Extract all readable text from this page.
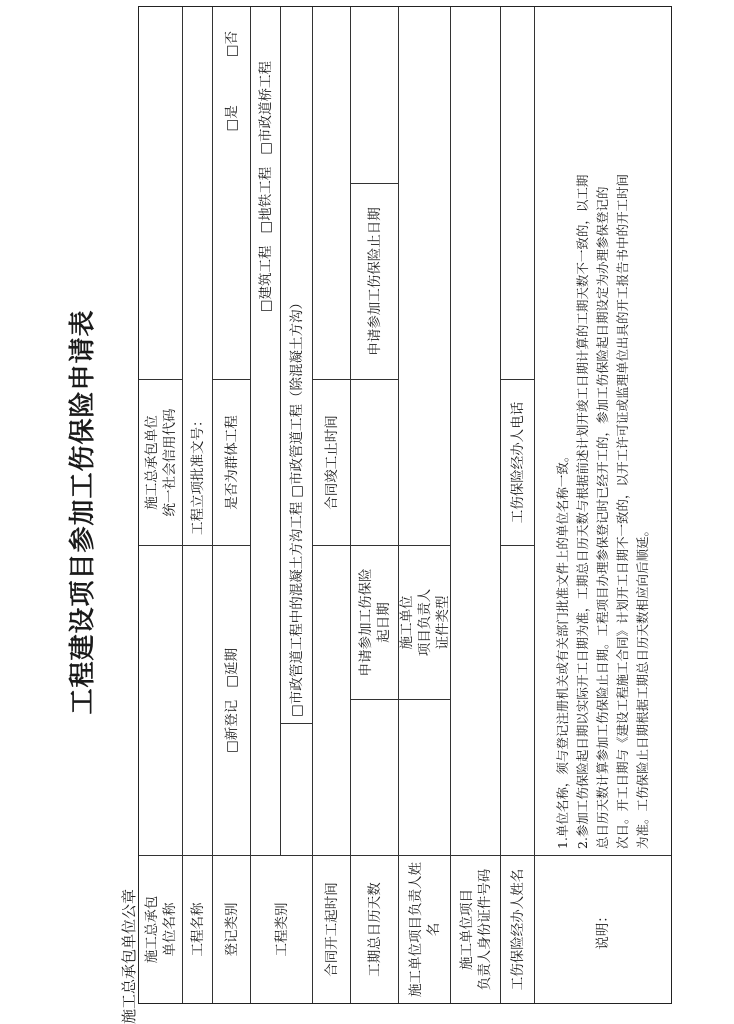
工程建设项目参加工伤保险申请表
施工总承包单位公章 施工总承包 单位名称
施工总承包单位 统一社会信用代码
工程名称
工程立项批准文号：
登记类别
□新登记
□延期
是否为群体工程
□是
□否
工程类别
□建筑工程
□地铁工程
□市政道桥工程
□市政管道工程中的混凝土方沟工程
□市政管道工程（除混凝土方沟）
合同开工起时间
合同竣工止时间
工期总日历天数
申请参加工伤保险 起日期
申请参加工伤保险止日期
施工单位项目负责人姓名
施工单位 项目负责人 证件类型
施工单位项目 负责人身份证件号码	工伤保险经办人姓名
工伤保险经办人电话
说明：
1.单位名称，须与登记注册机关或有关部门批准文件上的单位名称一致。 2.参加工伤保险起日期以实际开工日期为准，工期总日历天数与根据前述计划开竣工日期计算的工期天数不一致的，以工期 总日历天数计算参加工伤保险止日期。工程项目办理参保登记时已经开工的，参加工伤保险起日期设定为办理参保登记的 次日。开工日期与《建设工程施工合同》计划开工日期不一致的，以开工许可证或监理单位出具的开工报告书中的开工时间 为准。工伤保险止日期根据工期总日历天数相应向后顺延。
